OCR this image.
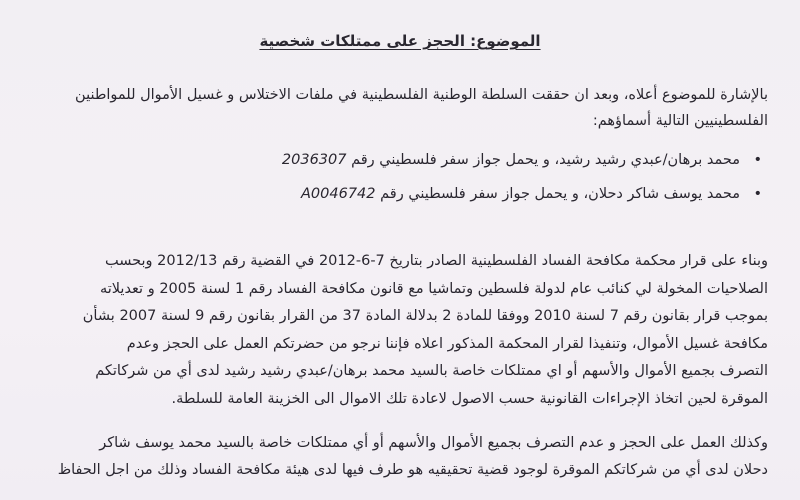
الموضوع: الحجز على ممتلكات شخصية
بالإشارة للموضوع أعلاه، وبعد ان حققت السلطة الوطنية الفلسطينية في ملفات الاختلاس و غسيل الأموال للمواطنين
الفلسطينيين التالية أسماؤهم:
•
محمد برهان/عبدي رشيد رشيد، و يحمل جواز سفر فلسطيني رقم 2036307
•
محمد يوسف شاكر دحلان، و يحمل جواز سفر فلسطيني رقم A0046742
وبناء على قرار محكمة مكافحة الفساد الفلسطينية الصادر بتاريخ 7-6-2012 في القضية رقم 2012/13 وبحسب
الصلاحيات المخولة لي كنائب عام لدولة فلسطين وتماشيا مع قانون مكافحة الفساد رقم 1 لسنة 2005 و تعديلاته
بموجب قرار بقانون رقم 7 لسنة 2010 ووفقا للمادة 2 بدلالة المادة 37 من القرار بقانون رقم 9 لسنة 2007 بشأن
مكافحة غسيل الأموال، وتنفيذا لقرار المحكمة المذكور اعلاه فإننا نرجو من حضرتكم العمل على الحجز وعدم
التصرف بجميع الأموال والأسهم أو اي ممتلكات خاصة بالسيد محمد برهان/عبدي رشيد رشيد لدى أي من شركاتكم
الموقرة لحين اتخاذ الإجراءات القانونية حسب الاصول لاعادة تلك الاموال الى الخزينة العامة للسلطة.
وكذلك العمل على الحجز و عدم التصرف بجميع الأموال والأسهم أو أي ممتلكات خاصة بالسيد محمد يوسف شاكر
دحلان لدى أي من شركاتكم الموقرة لوجود قضية تحقيقيه هو طرف فيها لدى هيئة مكافحة الفساد وذلك من اجل الحفاظ
